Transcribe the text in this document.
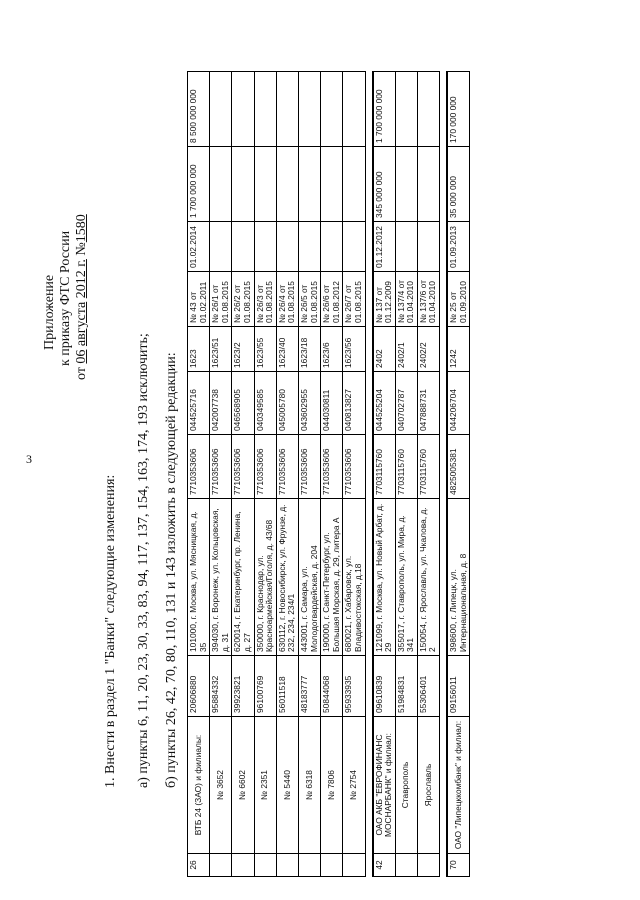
3
Приложение к приказу ФТС России
от 06 августа 2012 г. №1580
1. Внести в раздел 1 "Банки" следующие изменения: а) пункты 6, 11, 20, 23, 30, 33, 83, 94, 117, 137, 154, 163, 174, 193 исключить; б) пункты 26, 42, 70, 80, 110, 131 и 143 изложить в следующей редакции:
26	ВТБ 24 (ЗАО) и филиалы:	20606880	101000, г. Москва, ул. Мясницкая, д. 35	7710353606	044525716	1623	№ 43 от 01.02.2011	01.02.2014	1 700 000 000	8 500 000 000
	№ 3652	95884332	394030, г. Воронеж, ул. Кольцовская, д. 31	7710353606	042007738	1623/51	№ 26/1 от 01.08.2015			
	№ 6602	39923821	620014, г. Екатеринбург, пр. Ленина, д. 27	7710353606	046568905	1623/2	№ 26/2 от 01.08.2015			
	№ 2351	96100769	350000, г. Краснодар, ул. Красноармейская/Гоголя, д. 43/68	7710353606	040349585	1623/55	№ 26/3 от 01.08.2015			
	№ 5440	56011518	630112, г. Новосибирск, ул. Фрунзе, д. 232, 234, 234/1	7710353606	045005780	1623/40	№ 26/4 от 01.08.2015			
	№ 6318	48183777	443001, г. Самара, ул. Молодогвардейская, д. 204	7710353606	043602955	1623/18	№ 26/5 от 01.08.2015			
	№ 7806	50844068	190000, г. Санкт-Петербург, ул. Большая Морская, д. 29, литера А	7710353606	044030811	1623/6	№ 26/6 от 01.08.2012			
	№ 2754	95933935	680021, г. Хабаровск, ул. Владивостокская, д.18	7710353606	040813827	1623/56	№ 26/7 от 01.08.2015			

42	ОАО АКБ "ЕВРОФИНАНС МОСНАРБАНК" и филиал:	09610839	121099, г. Москва, ул. Новый Арбат, д. 29	7703115760	044525204	2402	№ 137 от 01.12.2009	01.12.2012	345 000 000	1 700 000 000
	Ставрополь	51984831	355017, г. Ставрополь, ул. Мира, д. 341	7703115760	040702787	2402/1	№ 137/4 от 01.04.2010			
	Ярославль	55306401	150054, г. Ярославль, ул. Чкалова, д. 2	7703115760	047888731	2402/2	№ 137/6 от 01.04.2010			

70	ОАО "Липецккомбанк" и филиал:	09156011	398600, г. Липецк, ул. Интернациональная, д. 8	4825005381	044206704	1242	№ 25 от 01.09.2010	01.09.2013	35 000 000	170 000 000
